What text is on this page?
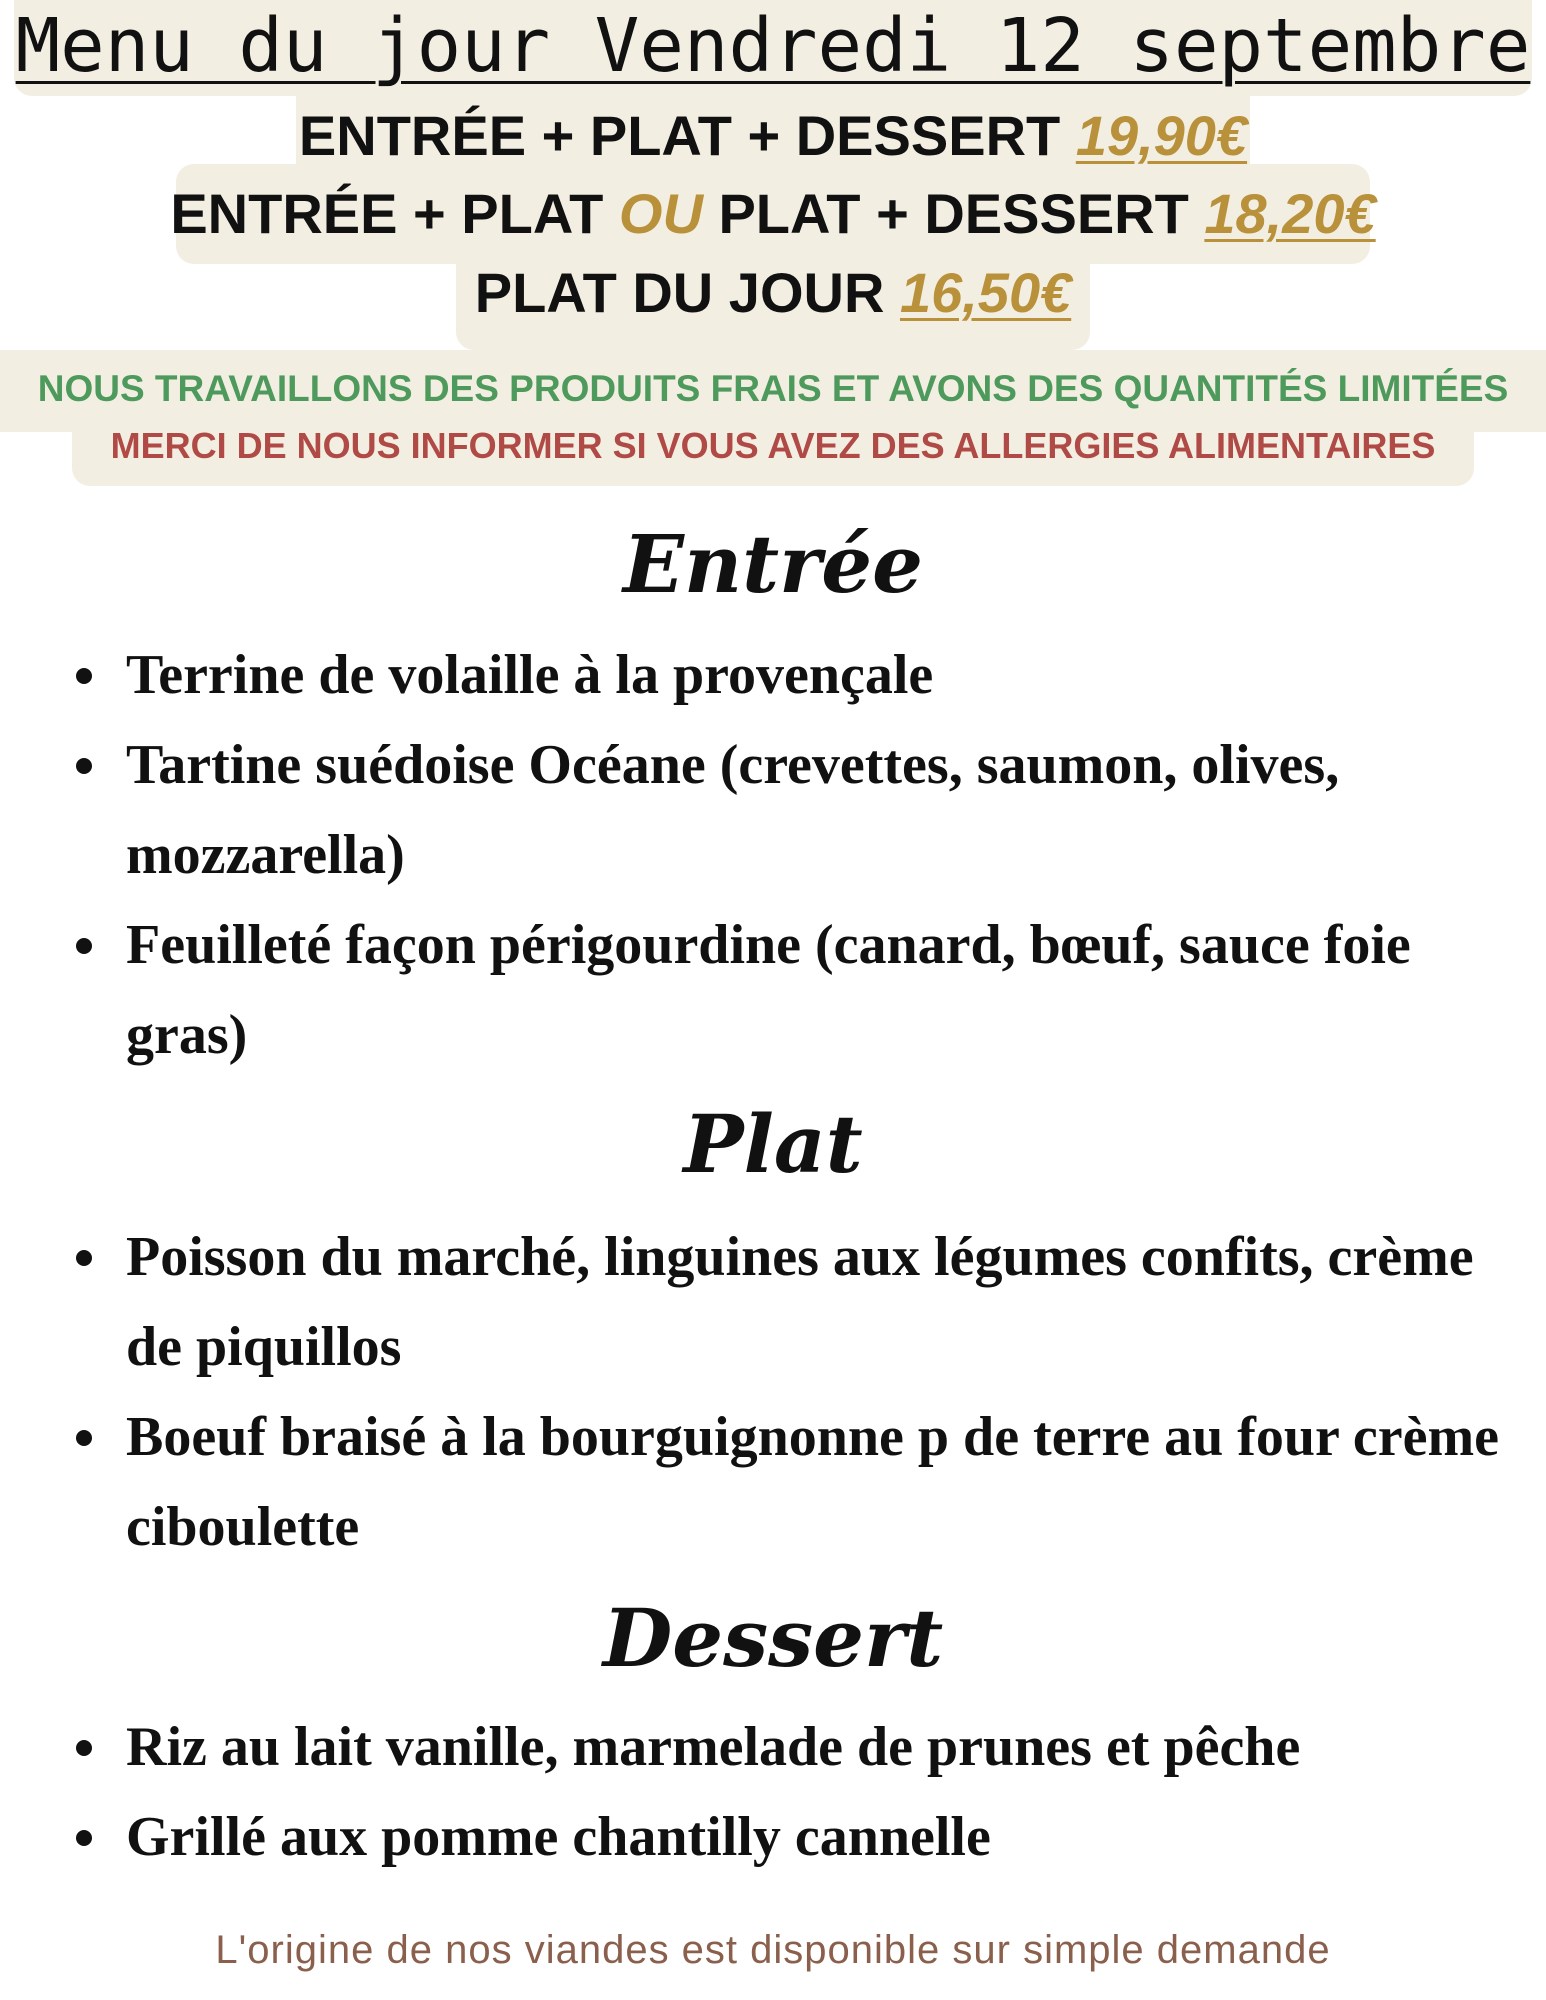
Menu du jour Vendredi 12 septembre
ENTRÉE + PLAT + DESSERT 19,90€
ENTRÉE + PLAT OU PLAT + DESSERT 18,20€
PLAT DU JOUR 16,50€
NOUS TRAVAILLONS DES PRODUITS FRAIS ET AVONS DES QUANTITÉS LIMITÉES
MERCI DE NOUS INFORMER SI VOUS AVEZ DES ALLERGIES ALIMENTAIRES
Entrée
Terrine de volaille à la provençale
Tartine suédoise Océane (crevettes, saumon, olives, mozzarella)
Feuilleté façon périgourdine (canard, bœuf, sauce foie gras)
Plat
Poisson du marché, linguines aux légumes confits, crème de piquillos
Boeuf braisé à la bourguignonne p de terre au four crème ciboulette
Dessert
Riz au lait vanille, marmelade de prunes et pêche
Grillé aux pomme chantilly cannelle
L'origine de nos viandes est disponible sur simple demande
